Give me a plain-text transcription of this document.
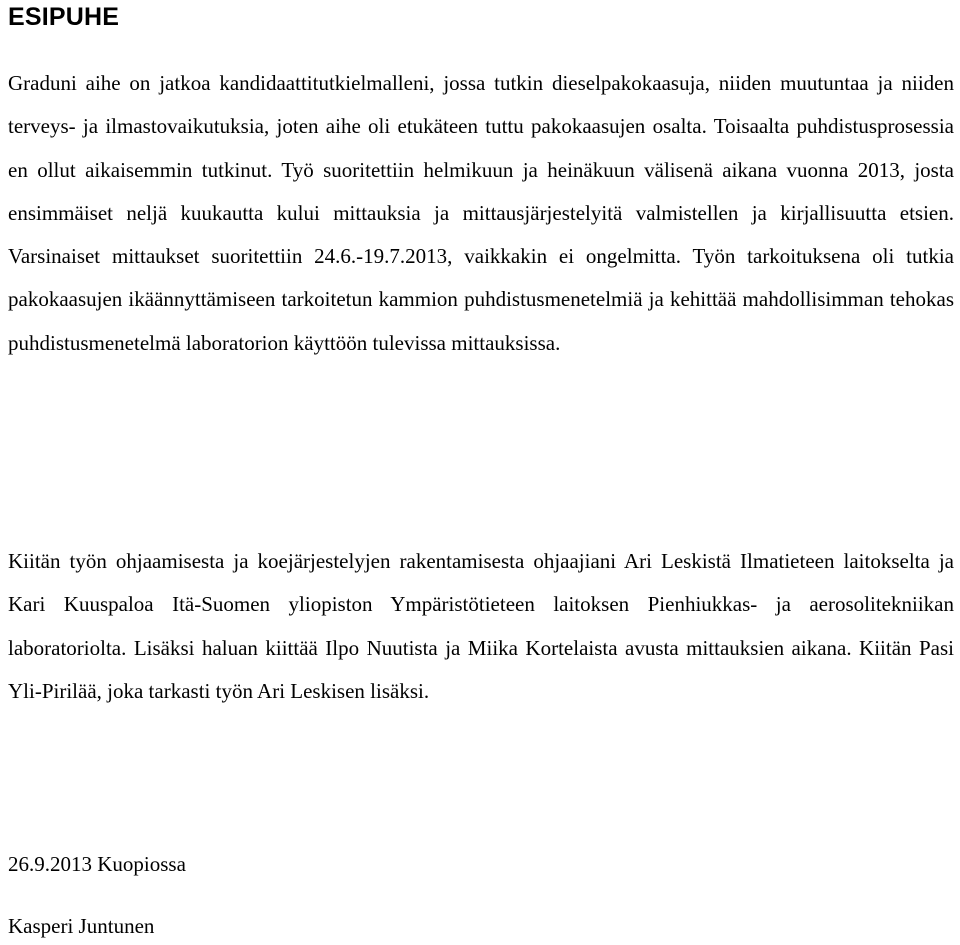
ESIPUHE

Graduni aihe on jatkoa kandidaattitutkielmalleni, jossa tutkin dieselpakokaasuja, niiden muutuntaa ja niiden terveys- ja ilmastovaikutuksia, joten aihe oli etukäteen tuttu pakokaasujen osalta. Toisaalta puhdistusprosessia en ollut aikaisemmin tutkinut. Työ suoritettiin helmikuun ja heinäkuun välisenä aikana vuonna 2013, josta ensimmäiset neljä kuukautta kului mittauksia ja mittausjärjestelyitä valmistellen ja kirjallisuutta etsien. Varsinaiset mittaukset suoritettiin 24.6.-19.7.2013, vaikkakin ei ongelmitta. Työn tarkoituksena oli tutkia pakokaasujen ikäännyttämiseen tarkoitetun kammion puhdistusmenetelmiä ja kehittää mahdollisimman tehokas puhdistusmenetelmä laboratorion käyttöön tulevissa mittauksissa.

Kiitän työn ohjaamisesta ja koejärjestelyjen rakentamisesta ohjaajiani Ari Leskistä Ilmatieteen laitokselta ja Kari Kuuspaloa Itä-Suomen yliopiston Ympäristötieteen laitoksen Pienhiukkas- ja aerosolitekniikan laboratoriolta. Lisäksi haluan kiittää Ilpo Nuutista ja Miika Kortelaista avusta mittauksien aikana. Kiitän Pasi Yli-Pirilää, joka tarkasti työn Ari Leskisen lisäksi.

26.9.2013 Kuopiossa

Kasperi Juntunen
